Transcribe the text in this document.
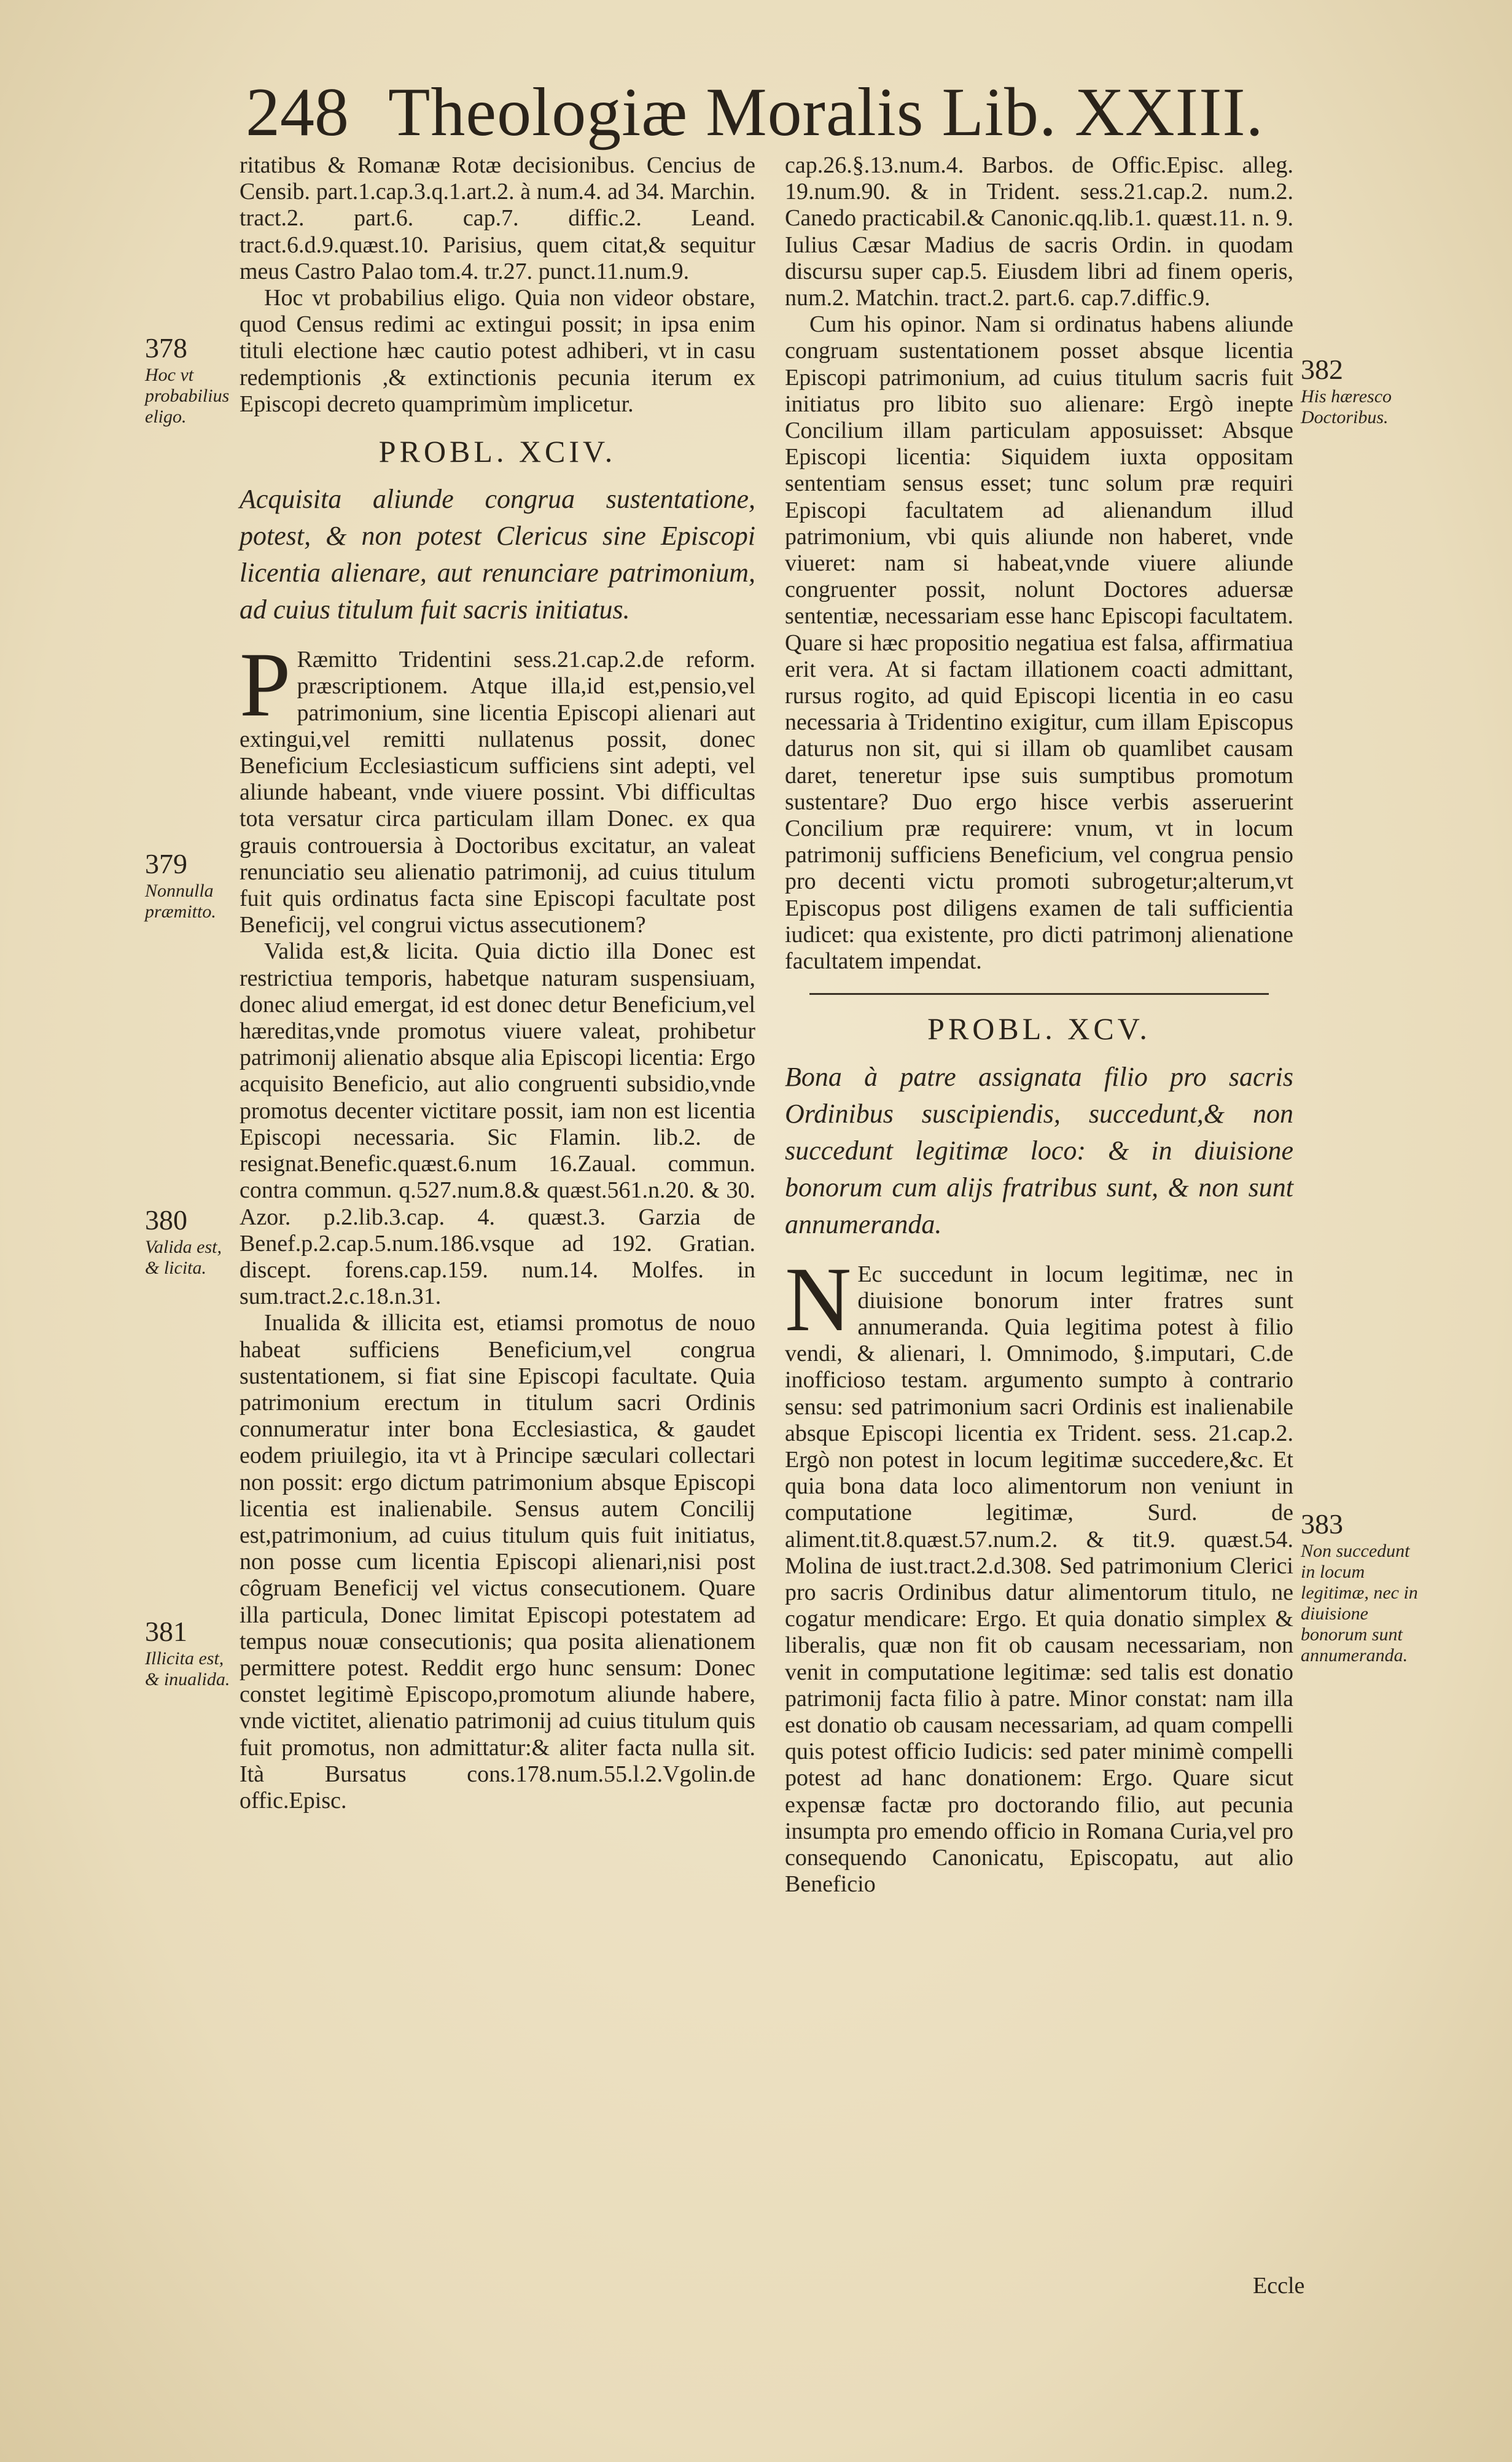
248 Theologiæ Moralis Lib. XXIII.
378
Hoc vt probabilius eligo.
379
Nonnulla præmitto.
380
Valida est, & licita.
381
Illicita est, & inualida.
382
His hæresco Doctoribus.
383
Non succedunt in locum legitimæ, nec in diuisione bonorum sunt annumeranda.

ritatibus & Romanæ Rotæ decisionibus. Cencius de Censib. part.1.cap.3.q.1.art.2. à num.4. ad 34. Marchin. tract.2. part.6. cap.7. diffic.2. Leand. tract.6.d.9.quæst.10. Parisius, quem citat,& sequitur meus Castro Palao tom.4. tr.27. punct.11.num.9.

Hoc vt probabilius eligo. Quia non videor obstare, quod Census redimi ac extingui possit; in ipsa enim tituli electione hæc cautio potest adhiberi, vt in casu redemptionis ,& extinctionis pecunia iterum ex Episcopi decreto quamprimùm implicetur.

PROBL. XCIV.
Acquisita aliunde congrua sustentatione, potest, & non potest Clericus sine Episcopi licentia alienare, aut renunciare patrimonium, ad cuius titulum fuit sacris initiatus.
P Ræmitto Tridentini sess.21.cap.2.de reform. præscriptionem. Atque illa,id est,pensio,vel patrimonium, sine licentia Episcopi alienari aut extingui,vel remitti nullatenus possit, donec Beneficium Ecclesiasticum sufficiens sint adepti, vel aliunde habeant, vnde viuere possint. Vbi difficultas tota versatur circa particulam illam Donec. ex qua grauis controuersia à Doctoribus excitatur, an valeat renunciatio seu alienatio patrimonij, ad cuius titulum fuit quis ordinatus facta sine Episcopi facultate post Beneficij, vel congrui victus assecutionem?

Valida est,& licita. Quia dictio illa Donec est restrictiua temporis, habetque naturam suspensiuam, donec aliud emergat, id est donec detur Beneficium,vel hæreditas,vnde promotus viuere valeat, prohibetur patrimonij alienatio absque alia Episcopi licentia: Ergo acquisito Beneficio, aut alio congruenti subsidio,vnde promotus decenter victitare possit, iam non est licentia Episcopi necessaria. Sic Flamin. lib.2. de resignat.Benefic.quæst.6.num 16.Zaual. commun. contra commun. q.527.num.8.& quæst.561.n.20. & 30. Azor. p.2.lib.3.cap. 4. quæst.3. Garzia de Benef.p.2.cap.5.num.186.vsque ad 192. Gratian. discept. forens.cap.159. num.14. Molfes. in sum.tract.2.c.18.n.31.

Inualida & illicita est, etiamsi promotus de nouo habeat sufficiens Beneficium,vel congrua sustentationem, si fiat sine Episcopi facultate. Quia patrimonium erectum in titulum sacri Ordinis connumeratur inter bona Ecclesiastica, & gaudet eodem priuilegio, ita vt à Principe sæculari collectari non possit: ergo dictum patrimonium absque Episcopi licentia est inalienabile. Sensus autem Concilij est,patrimonium, ad cuius titulum quis fuit initiatus, non posse cum licentia Episcopi alienari,nisi post côgruam Beneficij vel victus consecutionem. Quare illa particula, Donec limitat Episcopi potestatem ad tempus nouæ consecutionis; qua posita alienationem permittere potest. Reddit ergo hunc sensum: Donec constet legitimè Episcopo,promotum aliunde habere, vnde victitet, alienatio patrimonij ad cuius titulum quis fuit promotus, non admittatur:& aliter facta nulla sit. Ità Bursatus cons.178.num.55.l.2.Vgolin.de offic.Episc.

cap.26.§.13.num.4. Barbos. de Offic.Episc. alleg. 19.num.90. & in Trident. sess.21.cap.2. num.2. Canedo practicabil.& Canonic.qq.lib.1. quæst.11. n. 9. Iulius Cæsar Madius de sacris Ordin. in quodam discursu super cap.5. Eiusdem libri ad finem operis, num.2. Matchin. tract.2. part.6. cap.7.diffic.9.

Cum his opinor. Nam si ordinatus habens aliunde congruam sustentationem posset absque licentia Episcopi patrimonium, ad cuius titulum sacris fuit initiatus pro libito suo alienare: Ergò inepte Concilium illam particulam apposuisset: Absque Episcopi licentia: Siquidem iuxta oppositam sententiam sensus esset; tunc solum præ requiri Episcopi facultatem ad alienandum illud patrimonium, vbi quis aliunde non haberet, vnde viueret: nam si habeat,vnde viuere aliunde congruenter possit, nolunt Doctores aduersæ sententiæ, necessariam esse hanc Episcopi facultatem. Quare si hæc propositio negatiua est falsa, affirmatiua erit vera. At si factam illationem coacti admittant, rursus rogito, ad quid Episcopi licentia in eo casu necessaria à Tridentino exigitur, cum illam Episcopus daturus non sit, qui si illam ob quamlibet causam daret, teneretur ipse suis sumptibus promotum sustentare? Duo ergo hisce verbis asseruerint Concilium præ requirere: vnum, vt in locum patrimonij sufficiens Beneficium, vel congrua pensio pro decenti victu promoti subrogetur;alterum,vt Episcopus post diligens examen de tali sufficientia iudicet: qua existente, pro dicti patrimonj alienatione facultatem impendat.

PROBL. XCV.
Bona à patre assignata filio pro sacris Ordinibus suscipiendis, succedunt,& non succedunt legitimæ loco: & in diuisione bonorum cum alijs fratribus sunt, & non sunt annumeranda.
N Ec succedunt in locum legitimæ, nec in diuisione bonorum inter fratres sunt annumeranda. Quia legitima potest à filio vendi, & alienari, l. Omnimodo, §.imputari, C.de inofficioso testam. argumento sumpto à contrario sensu: sed patrimonium sacri Ordinis est inalienabile absque Episcopi licentia ex Trident. sess. 21.cap.2. Ergò non potest in locum legitimæ succedere,&c. Et quia bona data loco alimentorum non veniunt in computatione legitimæ, Surd. de aliment.tit.8.quæst.57.num.2. & tit.9. quæst.54. Molina de iust.tract.2.d.308. Sed patrimonium Clerici pro sacris Ordinibus datur alimentorum titulo, ne cogatur mendicare: Ergo. Et quia donatio simplex & liberalis, quæ non fit ob causam necessariam, non venit in computatione legitimæ: sed talis est donatio patrimonij facta filio à patre. Minor constat: nam illa est donatio ob causam necessariam, ad quam compelli quis potest officio Iudicis: sed pater minimè compelli potest ad hanc donationem: Ergo. Quare sicut expensæ factæ pro doctorando filio, aut pecunia insumpta pro emendo officio in Romana Curia,vel pro consequendo Canonicatu, Episcopatu, aut alio Beneficio
Eccle
